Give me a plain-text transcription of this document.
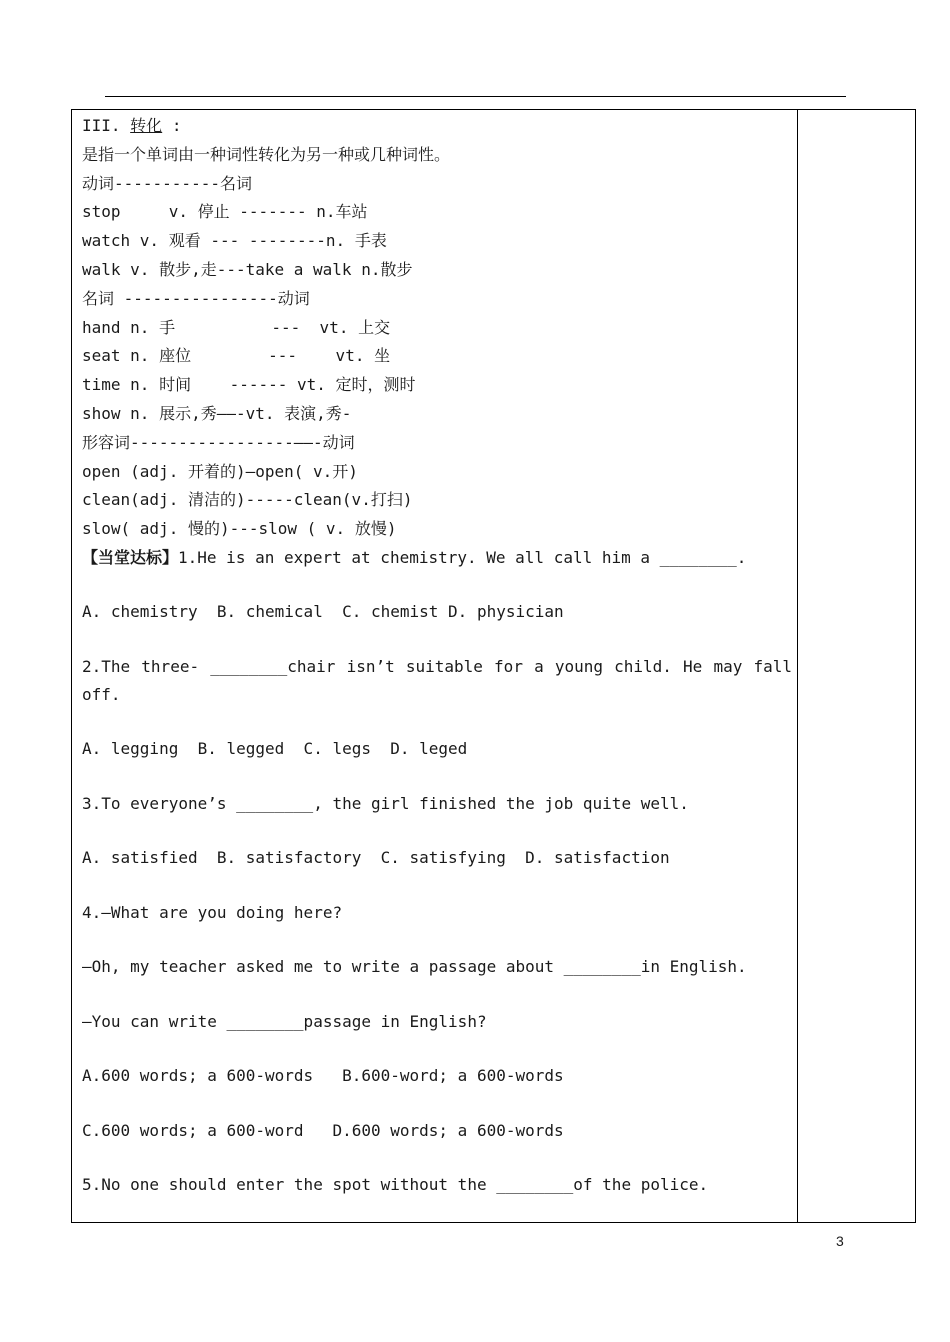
III. 转化 :
是指一个单词由一种词性转化为另一种或几种词性。
动词-----------名词
stop     v. 停止 ------- n.车站
watch v. 观看 --- --------n. 手表
walk v. 散步,走---take a walk n.散步
名词 ----------------动词
hand n. 手          ---  vt. 上交
seat n. 座位        ---    vt. 坐
time n. 时间    ------ vt. 定时，测时
show n. 展示,秀——-vt. 表演,秀-
形容词-----------------——-动词
open (adj. 开着的)—open( v.开)
clean(adj. 清洁的)-----clean(v.打扫)
slow( adj. 慢的)---slow ( v. 放慢)
【当堂达标】1.He is an expert at chemistry. We all call him a ________.
A. chemistry  B. chemical  C. chemist D. physician
2.The three- ________chair isn’t suitable for a young child. He may fall off.
A. legging  B. legged  C. legs  D. leged
3.To everyone’s ________, the girl finished the job quite well.
A. satisfied  B. satisfactory  C. satisfying  D. satisfaction
4.—What are you doing here?
—Oh, my teacher asked me to write a passage about ________in English.
—You can write ________passage in English?
A.600 words; a 600-words   B.600-word; a 600-words
C.600 words; a 600-word   D.600 words; a 600-words
5.No one should enter the spot without the ________of the police.
3
